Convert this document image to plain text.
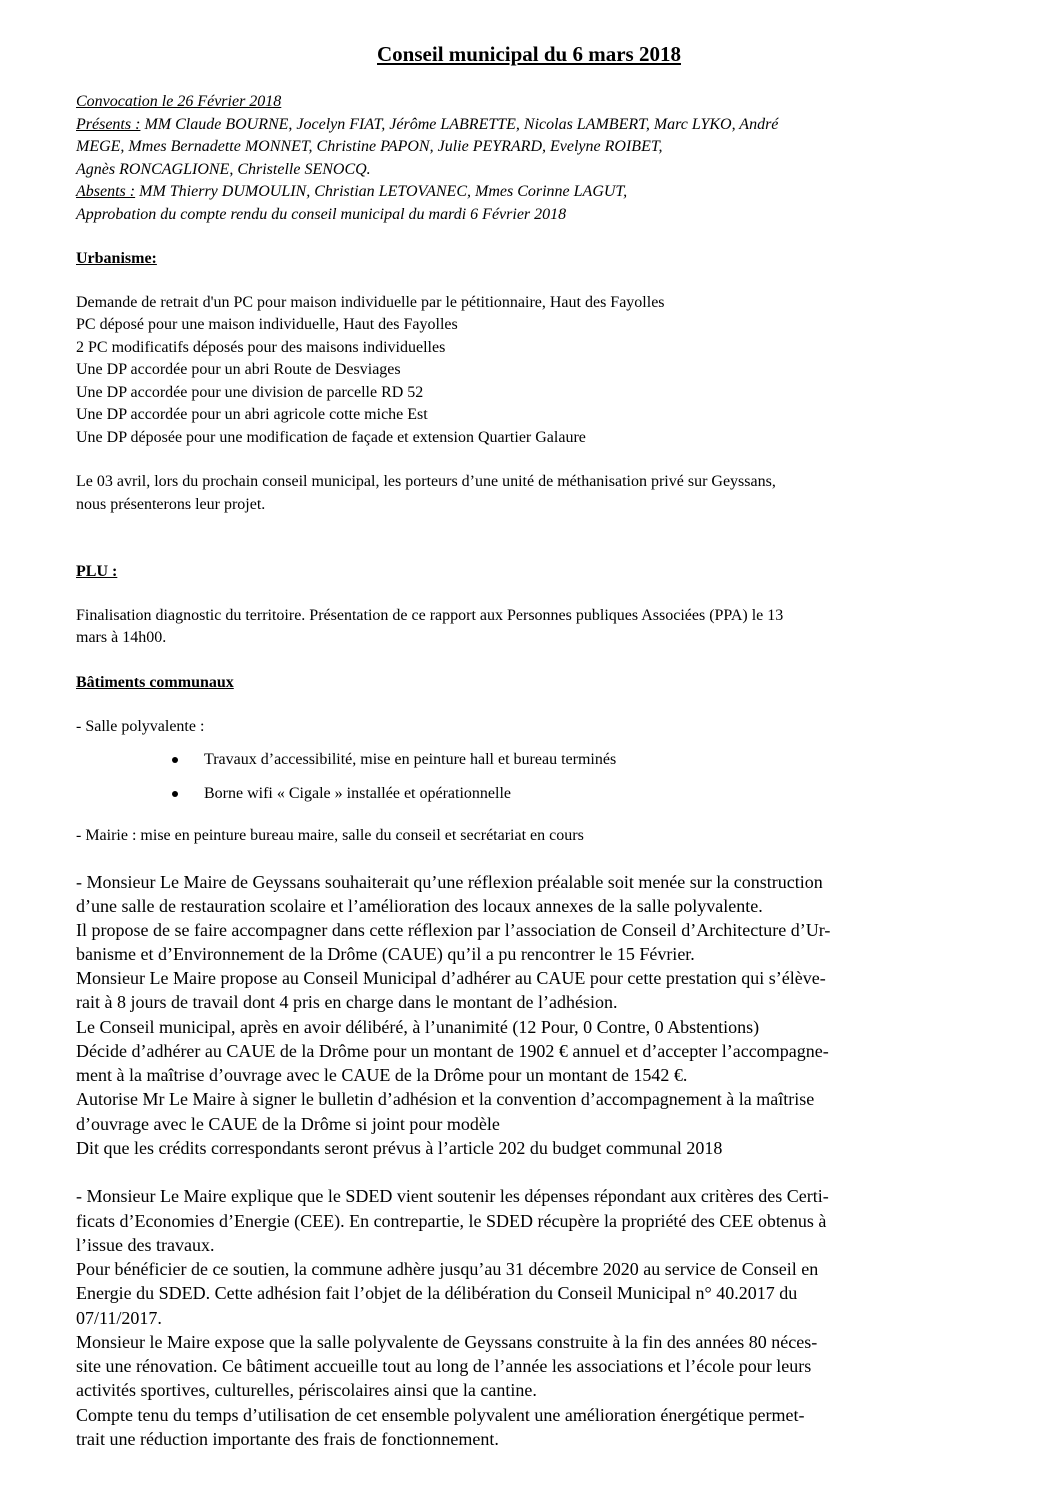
Conseil municipal du 6 mars 2018
Convocation le 26 Février 2018
Présents : MM Claude BOURNE, Jocelyn FIAT, Jérôme LABRETTE, Nicolas LAMBERT, Marc LYKO, André
MEGE, Mmes Bernadette MONNET, Christine PAPON, Julie PEYRARD, Evelyne ROIBET,
Agnès RONCAGLIONE, Christelle SENOCQ.
Absents : MM Thierry DUMOULIN, Christian LETOVANEC, Mmes Corinne LAGUT,
Approbation du compte rendu du conseil municipal du mardi 6 Février 2018
Urbanisme:
Demande de retrait d'un PC pour maison individuelle par le pétitionnaire, Haut des Fayolles
PC déposé pour une maison individuelle, Haut des Fayolles
2 PC modificatifs déposés pour des maisons individuelles
Une DP accordée pour un abri Route de Desviages
Une DP accordée pour une division de parcelle RD 52
Une DP accordée pour un abri agricole cotte miche Est
Une DP déposée pour une modification de façade et extension Quartier Galaure
Le 03 avril, lors du prochain conseil municipal, les porteurs d’une unité de méthanisation privé sur Geyssans,
nous présenterons leur projet.
PLU :
Finalisation diagnostic du territoire. Présentation de ce rapport aux Personnes publiques Associées (PPA) le 13
mars à 14h00.
Bâtiments communaux
- Salle polyvalente :
Travaux d’accessibilité, mise en peinture hall et bureau terminés
Borne wifi « Cigale » installée et opérationnelle
- Mairie : mise en peinture bureau maire, salle du conseil et secrétariat en cours
- Monsieur Le Maire de Geyssans souhaiterait qu’une réflexion préalable soit menée sur la construction
d’une salle de restauration scolaire et l’amélioration des locaux annexes de la salle polyvalente.
Il propose de se faire accompagner dans cette réflexion par l’association de Conseil d’Architecture d’Ur-
banisme et d’Environnement de la Drôme (CAUE) qu’il a pu rencontrer le 15 Février.
Monsieur Le Maire propose au Conseil Municipal d’adhérer au CAUE pour cette prestation qui s’élève-
rait à 8 jours de travail dont 4 pris en charge dans le montant de l’adhésion.
Le Conseil municipal, après en avoir délibéré, à l’unanimité (12 Pour, 0 Contre, 0 Abstentions)
Décide d’adhérer au CAUE de la Drôme pour un montant de 1902 € annuel et d’accepter l’accompagne-
ment à la maîtrise d’ouvrage avec le CAUE de la Drôme pour un montant de 1542 €.
Autorise Mr Le Maire à signer le bulletin d’adhésion et la convention d’accompagnement à la maîtrise
d’ouvrage avec le CAUE de la Drôme si joint pour modèle
Dit que les crédits correspondants seront prévus à l’article 202 du budget communal 2018
- Monsieur Le Maire explique que le SDED vient soutenir les dépenses répondant aux critères des Certi-
ficats d’Economies d’Energie (CEE). En contrepartie, le SDED récupère la propriété des CEE obtenus à
l’issue des travaux.
Pour bénéficier de ce soutien, la commune adhère jusqu’au 31 décembre 2020 au service de Conseil en
Energie du SDED. Cette adhésion fait l’objet de la délibération du Conseil Municipal n° 40.2017 du
07/11/2017.
Monsieur le Maire expose que la salle polyvalente de Geyssans construite à la fin des années 80 néces-
site une rénovation. Ce bâtiment accueille tout au long de l’année les associations et l’école pour leurs
activités sportives, culturelles, périscolaires ainsi que la cantine.
Compte tenu du temps d’utilisation de cet ensemble polyvalent une amélioration énergétique permet-
trait une réduction importante des frais de fonctionnement.
